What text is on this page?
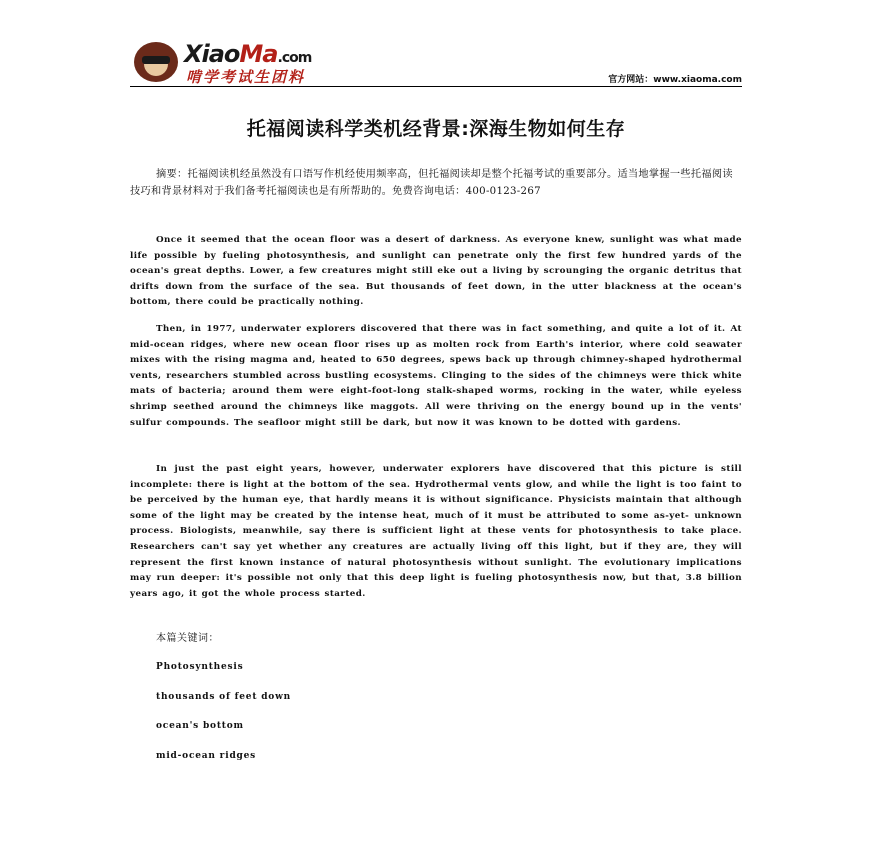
XiaoMa.com
啃学考试生团料	官方网站：www.xiaoma.com
托福阅读科学类机经背景:深海生物如何生存
摘要：托福阅读机经虽然没有口语写作机经使用频率高，但托福阅读却是整个托福考试的重要部分。适当地掌握一些托福阅读技巧和背景材料对于我们备考托福阅读也是有所帮助的。免费咨询电话：400-0123-267
Once it seemed that the ocean floor was a desert of darkness. As everyone knew, sunlight was what made life possible by fueling photosynthesis, and sunlight can penetrate only the first few hundred yards of the ocean's great depths. Lower, a few creatures might still eke out a living by scrounging the organic detritus that drifts down from the surface of the sea. But thousands of feet down, in the utter blackness at the ocean's bottom, there could be practically nothing.
Then, in 1977, underwater explorers discovered that there was in fact something, and quite a lot of it. At mid-ocean ridges, where new ocean floor rises up as molten rock from Earth's interior, where cold seawater mixes with the rising magma and, heated to 650 degrees, spews back up through chimney-shaped hydrothermal vents, researchers stumbled across bustling ecosystems. Clinging to the sides of the chimneys were thick white mats of bacteria; around them were eight-foot-long stalk-shaped worms, rocking in the water, while eyeless shrimp seethed around the chimneys like maggots. All were thriving on the energy bound up in the vents' sulfur compounds. The seafloor might still be dark, but now it was known to be dotted with gardens.
In just the past eight years, however, underwater explorers have discovered that this picture is still incomplete: there is light at the bottom of the sea. Hydrothermal vents glow, and while the light is too faint to be perceived by the human eye, that hardly means it is without significance. Physicists maintain that although some of the light may be created by the intense heat, much of it must be attributed to some as-yet- unknown process. Biologists, meanwhile, say there is sufficient light at these vents for photosynthesis to take place. Researchers can't say yet whether any creatures are actually living off this light, but if they are, they will represent the first known instance of natural photosynthesis without sunlight. The evolutionary implications may run deeper: it's possible not only that this deep light is fueling photosynthesis now, but that, 3.8 billion years ago, it got the whole process started.
本篇关键词：
Photosynthesis
thousands of feet down
ocean's bottom
mid-ocean ridges
